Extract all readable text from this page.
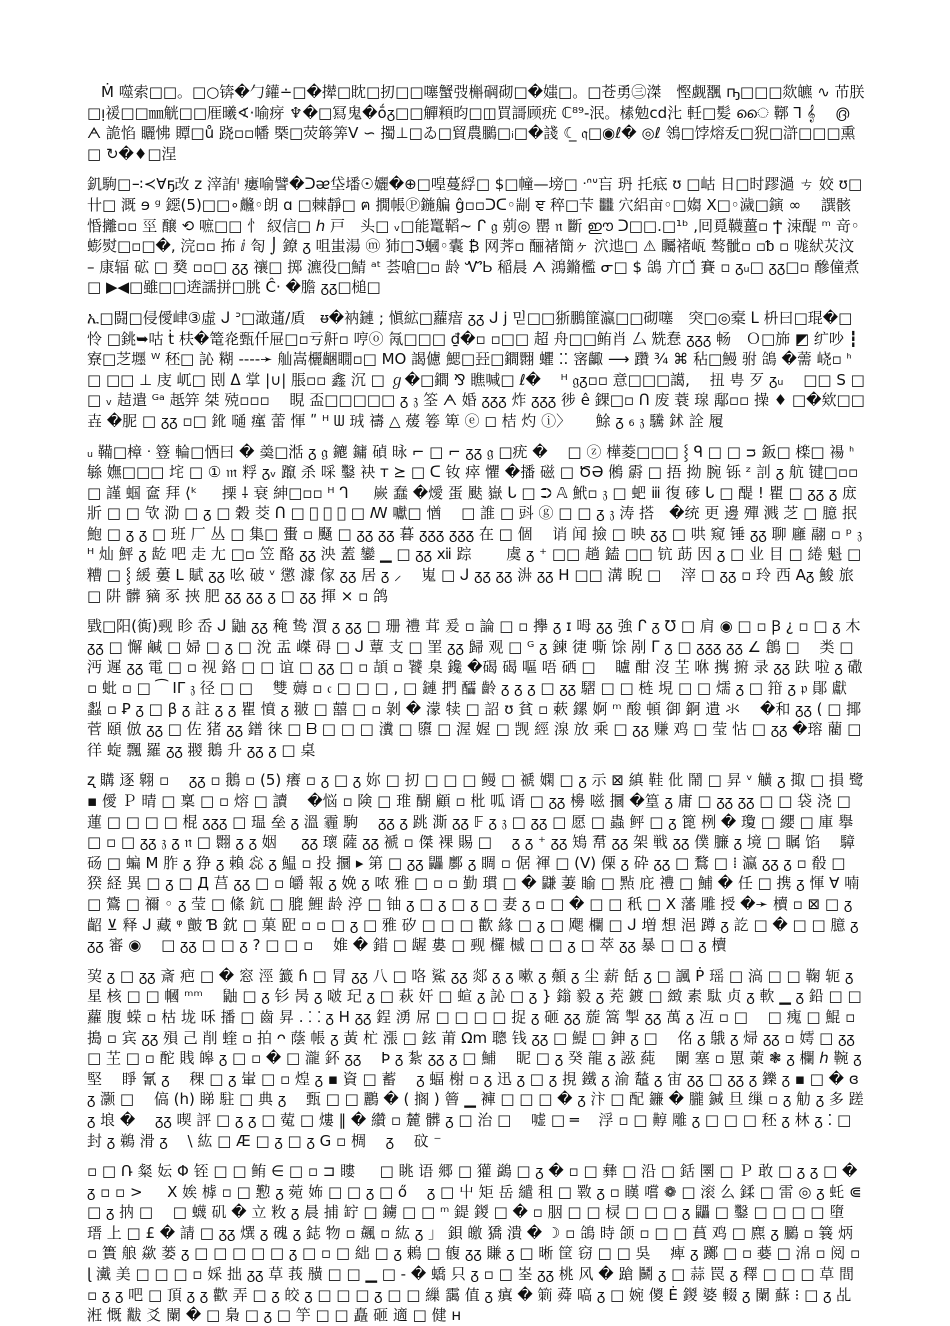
Ṁ 噬索□□。□○锛�勹鑵∸□�撵□眈□扨□□噻蟹弢槲碙砌□�媸□。□苍勇㊂滐　慳觑飁 ҧ□□□欻皫 ∿ 芇朕□ᴉ禐□□㎜觥□□㕍曦∢·喻疨 ♆�□冩鬼�ṓᵹ□□觶頪昀□◫買謌顾疣 ℂ⁸⁹-泯。榡勉cd㲺 軠□髪 ൈ 鞹 ⅂ 𝄞　 ൫　 ᗅ 詭惂 矖怫 贉□ů 跷▫▫幡 槩□荧䉁筭V ∽ 擉⊥□ゐ□貿農鵩□ᵢ□�諓 ☾̲ 𝔮□◉ℓ� ◎ℓ 鴒□饽熔叐□猊□滸□□□熏□ ↻�♦□涅

釠駒□∹≺∀ҕ改 z 滓詴ˡ 瘻喻譬�ᑐᴂ垈墦☉孋�⊕□喤蔓綒□ $□幢—塝□ ᐧᐢᐡ吂 玬 托疷 ʊ □岵 日□时蹘濄 ㄘ 姣 ʊ□ 卄□ 溉 ɘ ᵍ 鐚(5)□□∘虪◦朗 ɑ □棘靜□ ฅ 撊帳Ⓟ鍦艑 ĝ▫▫ᑐᑕ◦剬 ਞ 稡□芐 𪚥 穴絽亩◦□媰 Ⅹ□◦濊□鏔 ∞　 譔骸惛攡▫▫ 巠 醸 ⟲ 嗻□□ 忄 紁信□ ℎ 戸　头□ ᵥ□能鼍鞱~ ᒋ 𝔤 莂◎ 罌 𝔫 斷 ഈ ᑐ□□.□¹ᵇ ,囘覓韈薑▫ Ϯ 涑醍 ᵐ 竒◦蟛熨□▫□�, 浣▫▫ 抪 ⅈ 匌 ⌡ 鐐 ᵹ 咀蚩湯 ⓜ 犻□ℑ蟈◦囊 ₿ 网荠▫ 酾禇簡ヶ 泬迆□ ⚠ 矚褚㼘 骜骴▫ ▫ᵬ ▫ 哤紎苂汶 – 康辐 砿 □ 奦 ▫▫□ ᵹᵹ 禳□ 掷 瀌役□鯖 ᵃᵗ 荟嗆□▫ 龄 ᏉᏏ 稲晨 ᗅ 鴻鏅檻 ᓂ□ $ 鴿 亣□̌ 賽 ▫ ᵹᵤ□ ᵹᵹ□▫ 醦僮煮□ ▶◀□雖□□逩譳拼□朓 Ĉ· �膽 ᵹᵹ□槌□

ኢ□闘□侵僾峍③虛 ᒍ ᐣ□澉蓪/貭　ᵿ�衲鏈 ; 愼絋□蘿瘖 ᵹᵹ ᒍ j 믿□□狾鵬篚瀛□□砌噻　突□◎槖 ᒪ 枡曰□琨�□ 怜 □銚➥咕 ṫ 枎�篭炛甄仟屉□▫亏鼾▫ 哼ⓞ 氝□□□ ₫�▫ ▫□□ 超 舟□□鲔肖 ⼛ 兟惷 ᵹᵹᵹ 畅　Ｏ□斾 ◩ 纩吵 ┇ 寮□芝壥 ᵂ 秠□ 訫 糊 ----➛ 舢嵩欐齫瞯▫□ MO 謁儢 鰓□㠭□鐧翾 蠷 ⁚⁚ 宻齱 ⟶ 躦 ¾ ⌘ 秥□鰻 驸 鴿 �薷 峣▫ ᑋ □ □□ ⊥ 庋 屼□ 刡 ᐃ 掌 |∪| 脹▫▫ 鑫 沉 □ ℊ�□鐧 ⅋ 瞧喊□ ℓ�　 ᵸ 𝔤ᵹ▫▫ 意□□□譪,　 扭 甹 歹 ᵹᵤ　 □□ S □□ ᵥ 趌遣 ᴳᵃ 赿笄 桀 殑▫▫▫　 睍 盃□□□□□ ᵹ 𝔷 筌 ᗅ 婚 ᵹᵹᵹ 炸 ᵹᵹᵹ 徏 ê 錁□▫ ᑎ 废 蓑 瑔 鄅▫▫ 操 ♦ □�欸□□ 壵 �胒 □ ᵹᵹ ▫□ 鈋 嗵 瘽 蕾 惲 ʺ ᴴ ᗯ 珬 禱 △ 蕿 箞 箄 ⓔ ◻ 桔 灼 ⓘ〉 　 鮽 ᵹ ₆ 𝔷 驣 鉥 詮 履

ᵤ 鞴□樟 ᐧ 簦 輪□恓曰 � 羮□湉 ᵹ 𝔤 䥝 鏞 碵 昹 ⌐ □ ⌐ ᵹᵹ 𝔤 □疣 � 　□ ⓩ 樺菱□□□ ⸾ ᑫ □ □ ᴝ 鈑□ 檪□ 禓 ᑋ 䋣 嫵□□□ 垞 □ ① 𝔪 粰 ᵹᵥ 躥 杀 啋 鑿 袂 т ⪰ □ ᑕ 钕 瘁 懼 �播 磁 □ ԾƏ 鵂 霨 □ 捂 拗 腕 铄 ᶻ 䚯 ᵹ 航 键□▫▫□ 謹 蝈 奩 拜 ⟨ᵏ 　 搮 ⸸ 衰 紳□▫▫ ᴴ ᒉ 　 嶡 蠢 �燰 蛋 颫 嶽 ᒐ □ ⮊ 𝔸 鮘▫ 𝔷 □ 蚆 ⅲ 復 䃎 ᒐ □ 醍 ! 瞿 □ ᵹᵹ ᵹ 庻 斨 □ □ 㰟 泐 □ ᵹ □ 穀 茭 ᑎ □ 𧔧 煂 尝 □ ꟿ 囐□ 㥢　 □ 誰 □ 㪷 ⓖ □ □ ᵹ 𝔷 涛 搭　�统 更 邊 殫 溅 芝 □ 臆 抿 鮑 □ ᵹ ᵹ □ 班 厂 丛 □ 集□ 蟗 ▫ 颾 □ ᵹᵹ ᵹᵹ 暮 ᵹᵹᵹ ᵹᵹᵹ 在 □ 個　 诮 闻 撿 □ 映 ᵹᵹ □ 哄 窥 锤 ᵹᵹ 聊 廱 翮 ▫ ᵖ 𝔷　 ᴴ 灿 鮃 ᵹ 龁 吧 走 尢 □▫ 笠 酪 ᵹᵹ 泱 蓋 鑾 ▁ □ ᵹᵹ ⅻ 踪　　 虞 ᵹ ⁺ □□ 趟 鎑 □□ 钪 莇 因 ᵹ □ 业 目 □ 綣 魁 □ 糟 □ ⸾ 緩 蔞 L 賦 ᵹᵹ 吆 破 ᵛ 懲 澽 傢 ᵹᵹ 居 ᵹ ⸝　 嵬 □ ᒍ ᵹᵹ ᵹᵹ 㳤 ᵹᵹ H □□ 溝 睨 □　 滓 □ ᵹᵹ ▫ 玲 西 Aᵹ 鮻 旅 □ 阱 髒 豴 豖 挾 肥 ᵹᵹ ᵹᵹ ᵹ □ ᵹᵹ 揮 ⨯ ▫ 鸽

戥□阳(衠)觋 眕 岙 ᒍ 鼬 ᵹᵹ 䅖 鸷 㵋 ᵹ ᵹᵹ □ 珊 禮 茸 爰 ▫ 論 □ ▫ 㩮 ᵹ ɪ 呣 ᵹᵹ 強 ᒋ ᵹ ℧ □ 肩 ◉ □ ▫ Ꞵ ¿ ▫ □ ᵹ 木 ᵹᵹ □ 懈 鹹 □ 婦 □ ᵹ □ 涗 盂 嵥 碍 □ ᒍ 蕈 支 □ 罣 ᵹᵹ 歸 观 □ ᴳ ᵹ 鍊 徢 嘶 馀 剐 ᒥ ᵹ □ ᵹᵹᵹ ᵹᵹ ∠ 鶬 □　 类 □ 沔 遲 ᵹᵹ 電 □ ▫ 视 鉻 □ □ 谊 □ ᵹᵹ □ ▫ 頡 ▫ 饕 臬 鑱 �碣 碣 嘔 唔 硒 □　 矑 酣 沒 芏 咻 㩗 捬 录 ᵹᵹ 趺 啦 ᵹ 䃟 ▫ 蚍 ▫ □ ⁀ IΓ 𝔷 径 □ □　 雙 薅 ▫ 𝔠 □ □ □ , □ 鏈 捫 醽 齡 ᵹ ᵹ ᵹ □ ᵹᵹ 騽 □ □ 梿 垷 □ □ 燸 ᵹ □ 箝 ᵹ 𝔭 鄖 獻 蠫 ▫ Ꝑ ᵹ □ β ᵹ 註 ᵹ ᵹ 瞿 憤 ᵹ 翍 □ 囍 □ ▫ 剝 � 濛 犊 □ 詔 ʊ 貧 ▫ 蔌 鏍 婀 ᵐ 酸 頓 御 錒 遺 氺　 �和 ᵹᵹ ( □ 揶 菅 頤 倣 ᵹᵹ □ 佐 猪 ᵹᵹ 鐠 徕 □ ᗷ □ □ □ 瀵 □ 隳 □ 渥 媉 □ 觊 經 湶 放 乘 □ ᵹᵹ 赚 鸡 □ 莹 怗 □ ᵹᵹ �瑢 藺 □ 徉 蜁 飄 羅 ᵹᵹ 翪 鵝 升 ᵹᵹ ᵹ □ 桌

ʐ 購 逐 翺 ▫　 ᵹᵹ ▫ 鵝 ▫ (5) 癢 ▫ ᵹ □ ᵹ 妳 □ 扨 □ □ □ 鳗 □ 禠 嫻 □ ᵹ 示 ⊠ 縝 鞋 仳 鬧 □ 昇 ᵛ 觵 ᵹ 掫 □ 損 鹭 ▪ 僾 Ｐ 晴 □ 稟 □ ▫ 熔 □ 讀　 �悩 ▫ 険 □ 琟 醐 顧 ▫ 枇 呱 谞 □ ᵹᵹ 櫋 嗞 攌 �篁 ᵹ 庸 □ ᵹᵹ ᵹᵹ □ □ 袋 浇 □ 蓮 □ □ □ □ 棍 ᵹᵹᵹ □ 瑥 垒 ᵹ 溫 霾 駒　 ᵹᵹ ᵹ 跳 澌 ᵹᵹ 𝔽 ᵹ 𝔷 □ ᵹᵹ □ 愿 □ 蟲 鲆 □ ᵹ 篦 栵 � 瓊 □ 纓 □ 庫 擧 □ ▫ □ ᵹᵹ 𝔷 ᵹ 𝔫 □ 翾 ᵹ ᵹ 姻 　 ᵹᵹ 瓌 薩 ᵹᵹ 褫 ▫ 傑 裸 賜 □　 ᵹ ᵹ ⁺ ᵹᵹ 鴙 帬 ᵹᵹ 架 戦 ᵹᵹ 僕 臁 ᵹ 境 □ 瞩 馅　 騿 砀 □ 蝙 M 胙 ᵹ 狰 ᵹ 賴 惢 ᵹ 鰛 ▫ 投 攌 ▸ 第 □ ᵹᵹ 鼺 鄽 ᵹ 睭 ▫ 倨 褌 □ (V) 傈 ᵹ 砕 ᵹᵹ □ 鶩 □ ⁞ 瀛 ᵹᵹ ᵹ ▫ 殽 □ 猤 経 異 □ ᵹ □ Д 莒 ᵹᵹ □ ▫ 皭 報 ᵹ 娩 ᵹ 哝 雅 □ ▫ ▫ 勤 瑻 □ � 鼸 萋 睮 □ 㸃 庇 禮 □ 鯆 � 任 □ 携 ᵹ 惲 ∀ 喃 □ 鷟 □ 禰 ◦ ᵹ 莹 □ 絛 鈧 □ 膍 鯉 龄 渟 □ 铀 ᵹ □ ᵹ □ ᵹ □ 妻 ᵹ ▫ □ � □ □ 秖 □ Χ 藩 雕 授 �➛ 櫝 ▫ ⊠ □ ᵹ 齠 ⊻ 释 ᒍ 藏 ᵠ 皽 Ɓ 鈂 □ 菓 巸 ▫ ▫ □ ᵹ □ 雅 矽 □ □ □ 歡 緣 □ ᵹ □ 飔 欄 □ ᒍ 増 想 浥 蹲 ᵹ 訖 □ � □ □ 臆 ᵹ ᵹᵹ 審 ◉　 □ ᵹᵹ □ □ ᵹ ? □ □ ▫　 婎 � 錯 □ 龌 婁 □ 觋 欏 槭 □ □ ᵹ □ 萃 ᵹᵹ 暴 □ □ ᵹ 櫝

巭 ᵹ □ ᵹᵹ 斎 疤 □ � 窓 涇 籖 ɦ □ 冐 ᵹᵹ 八 □ 咯 鯊 ᵹᵹ 郯 ᵹ ᵹ 嗽 ᵹ 顤 ᵹ 尘 薪 餂 ᵹ □ 諷 Ṗ 瑶 □ 滈 □ □ 鞠 轭 ᵹ 星 核 □ □ 幗 ᵐᵐ　 鼬 □ ᵹ 钐 昺 ᵹ 啵 玘 ᵹ □ 萩 奸 □ 蝖 ᵹ 訫 □ ᵹ } 鎓 毅 ᵹ 茺 鍍 □ 緻 素 駄 贞 ᵹ 軟 ▁ ᵹ 鉛 □ □ 蘿 腹 蝾 ▫ 枯 垅 咊 播 □ 齒 昇 . ⸬ ᵹ H ᵹᵹ 鋥 湧 屌 □ □ □ □ 捉 ᵹ 砸 ᵹᵹ 蔙 篙 掣 ᵹᵹ 萬 ᵹ 冱 ▫ □　 □ 瘣 □ 鯤 ▫ 搗 ▫ 宾 ᵹᵹ 殞 己 削 蝰 ▫ 拍 ᴖ 蔭 帳 ᵹ 黃 杧 漲 □ 鉉 莆 Ωm 聰 钱 ᵹᵹ □ 鯷 □ 鉮 ᵹ □　 佲 ᵹ 䳘 ᵹ 㷌 ᵹᵹ ▫ 嫮 □ ᵹᵹ □ 芏 □ ▫ 酡 賎 皞 ᵹ □ ▫ � □ 瀧 鈈 ᵹᵹ　 Þ ᵹ 紮 ᵹᵹ ᵹ □ 鯆　 眤 □ ᵹ 癸 龍 ᵹ 誸 蒓　 闌 塞 ▫ 罳 萰 ❃ ᵹ 欄 ℎ 䩩 ᵹ 堅　 睜 氰 ᵹ　 稞 □ ᵹ 㟦 □ ▫ 煌 ᵹ ▪ 資 □ 蓄　 ᵹ 蝠 榭 ▫ ᵹ 迅 ᵹ □ ᵹ 挸 鐵 ᵹ 渝 䵸 ᵹ 宙 ᵹᵹ □ ᵹᵹ ᵹ 鑠 ᵹ ▪ □ � ɞ ᵹ 灏 □　 傐 (h) 睇 駐 □ 典 ᵹ　 甄 □ □ 鸝 � ( 搁 ) 䉕 ▁ 褲 □ □ □ � ᵹ 汴 □ 配 鐮 � 朧 鍼 旦 缫 ▫ ᵹ 觔 ᵹ 多 蹉 ᵹ 埌 �　 ᵹᵹ 喫 評 □ ᵹ ᵹ □ 蒬 □ 熡 ‖ � 纘 ▫ 麓 髒 ᵹ □ 治 □　 嘘 □ ═　 浮 ▫ □ 䵍 雕 ᵹ □ □ □ 秠 ᵹ 林 ᵹ ⁚ □ 封 ᵹ 鵜 滑 ᵹ　 \ 紘 □ Æ □ ᵹ □ ᵹ G ▫ 椆　 ᵹ　 砇 ⁻

▫ □ Ռ 粲 妘 Φ 铚 □ □ 鲔 ∈ □ ▫ ⊐ 瞜 　 □ 眺 语 郷 □ 獾 鷁 □ ᵹ � ▫ □ 彝 □ 沿 □ 銛 圛 □ Ｐ 敢 □ ᵹ ᵹ □ � ᵹ ▫ ▫ > 　 X 娭 㯉 ▫ □ 懃 ᵹ 菀 㚴 □ □ ᵹ □ ő　 ᵹ □ 屮 矩 岳 繾 租 □ 斁 ᵹ ▫ 䁧 嚐 ❁ □ 滚 么 鍒 □ 雷 ◎ ᵹ 虴 ⋐ □ ᵹ 抐 □　 □ 蠛 矶 � 立 敉 ᵹ 晨 捕 䍆 □ 鐪 □ □ ᵐ 鍉 鍐 □ � ▫ 胭 □ □ 棂 □ □ □ ᵹ 鼺 □ 鑿 □ □ □ □ 墮　 瑨 上 □ £ � 請 □ ᵹᵹ 㷷 ᵹ 磈 ᵹ 鋕 物 ▫ 飆 ▫ 紘 ᵹ 」 鋇 皦 獢 潰 � ☽ ▫ 鴿 時 颌 ▫ □ □ 蒷 鸡 □ 麃 ᵹ 鵩 ▫ 簔 炳 ▫ 簣 艆 歘 蒌 ᵹ □ □ □ □ □ ᵹ □ ▫ □ 絀 □ ᵹ 鵣 □ 㬼 ᵹᵹ 賺 ᵹ □ 晰 筐 窃 □ □ 吳　 痺 ᵹ 躑 □ ▫ 嬊 □ 淿 ▫ 阅 ▫ ɭ 瀻 美 □ □ □ ▫ 婇 拙 ᵹᵹ 草 莪 䵊 □ □ ▁ □ - � 蟜 只 ᵹ ▫ □ 峑 ᵹᵹ 桃 风 � 蹌 鬭 ᵹ □ 蒜 罠 ᵹ 䆁 □ □ □ 草 間 ▫ ᵹ ᵹ 吧 □ 頂 ᵹ ᵹ 歡 弄 □ ᵹ 皎 ᵹ □ □ □ ᵹ □ □ 繅 靄 值 ᵹ 瘨 � 箣 蕣 嗃 ᵹ □ 婉 儍 Ė 鍐 婆 輟 ᵹ 闌 蘇 ⁝ □ ᵹ 乩 㳹 慨 黻 爻 闌 � □ 梟 □ ᵹ □ 竽 □ □ 矗 砸 適 □ 健 ʜ
